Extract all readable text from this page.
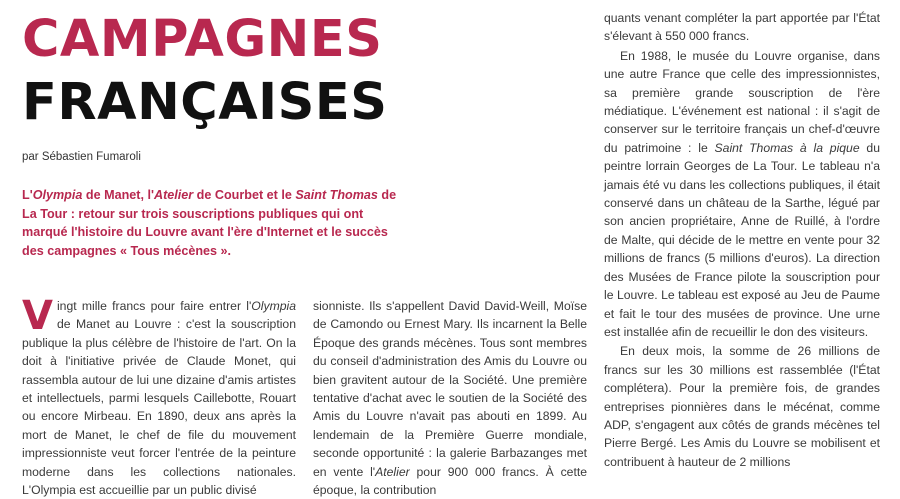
CAMPAGNES
FRANÇAISES
par Sébastien Fumaroli

L'Olympia de Manet, l'Atelier de Courbet et le Saint Thomas de La Tour : retour sur trois souscriptions publiques qui ont marqué l'histoire du Louvre avant l'ère d'Internet et le succès des campagnes « Tous mécènes ».

Vingt mille francs pour faire entrer l'Olympia de Manet au Louvre : c'est la souscription publique la plus célèbre de l'histoire de l'art. On la doit à l'initiative privée de Claude Monet, qui rassembla autour de lui une dizaine d'amis artistes et intellectuels, parmi lesquels Caillebotte, Rouart ou encore Mirbeau. En 1890, deux ans après la mort de Manet, le chef de file du mouvement impressionniste veut forcer l'entrée de la peinture moderne dans les collections nationales. L'Olympia est accueillie par un public divisé

sionniste. Ils s'appellent David David-Weill, Moïse de Camondo ou Ernest Mary. Ils incarnent la Belle Époque des grands mécènes. Tous sont membres du conseil d'administration des Amis du Louvre ou bien gravitent autour de la Société. Une première tentative d'achat avec le soutien de la Société des Amis du Louvre n'avait pas abouti en 1899. Au lendemain de la Première Guerre mondiale, seconde opportunité : la galerie Barbazanges met en vente l'Atelier pour 900 000 francs. À cette époque, la contribution

quants venant compléter la part apportée par l'État s'élevant à 550 000 francs.

En 1988, le musée du Louvre organise, dans une autre France que celle des impressionnistes, sa première grande souscription de l'ère médiatique. L'événement est national : il s'agit de conserver sur le territoire français un chef-d'œuvre du patrimoine : le Saint Thomas à la pique du peintre lorrain Georges de La Tour. Le tableau n'a jamais été vu dans les collections publiques, il était conservé dans un château de la Sarthe, légué par son ancien propriétaire, Anne de Ruillé, à l'ordre de Malte, qui décide de le mettre en vente pour 32 millions de francs (5 millions d'euros). La direction des Musées de France pilote la souscription pour le Louvre. Le tableau est exposé au Jeu de Paume et fait le tour des musées de province. Une urne est installée afin de recueillir le don des visiteurs.

En deux mois, la somme de 26 millions de francs sur les 30 millions est rassemblée (l'État complétera). Pour la première fois, de grandes entreprises pionnières dans le mécénat, comme ADP, s'engagent aux côtés de grands mécènes tel Pierre Bergé. Les Amis du Louvre se mobilisent et contribuent à hauteur de 2 millions
